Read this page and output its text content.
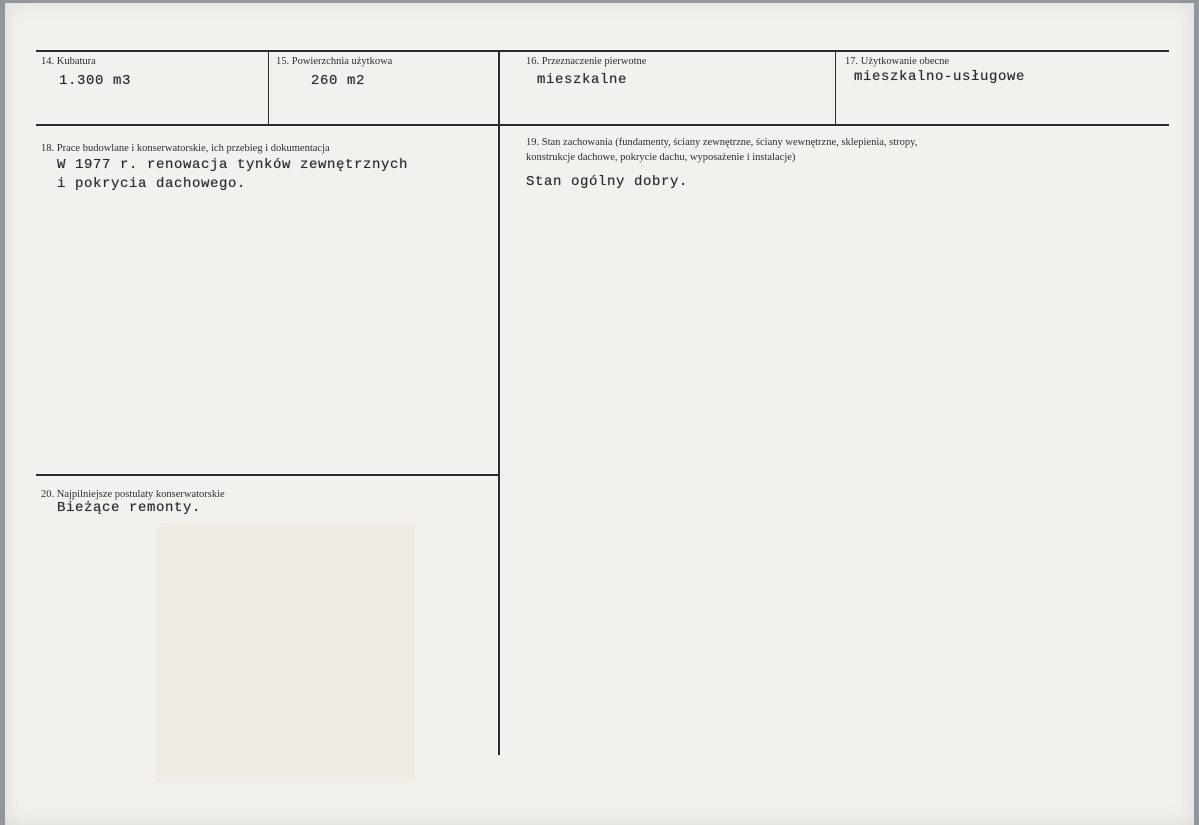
14. Kubatura
1.300 m3
15. Powierzchnia użytkowa
260 m2
16. Przeznaczenie pierwotne
mieszkalne
17. Użytkowanie obecne
mieszkalno-usługowe
18. Prace budowlane i konserwatorskie, ich przebieg i dokumentacja
W 1977 r. renowacja tynków zewnętrznych
i pokrycia dachowego.
19. Stan zachowania (fundamenty, ściany zewnętrzne, ściany wewnętrzne, sklepienia, stropy,
konstrukcje dachowe, pokrycie dachu, wyposażenie i instalacje)
Stan ogólny dobry.
20. Najpilniejsze postulaty konserwatorskie
Bieżące remonty.
